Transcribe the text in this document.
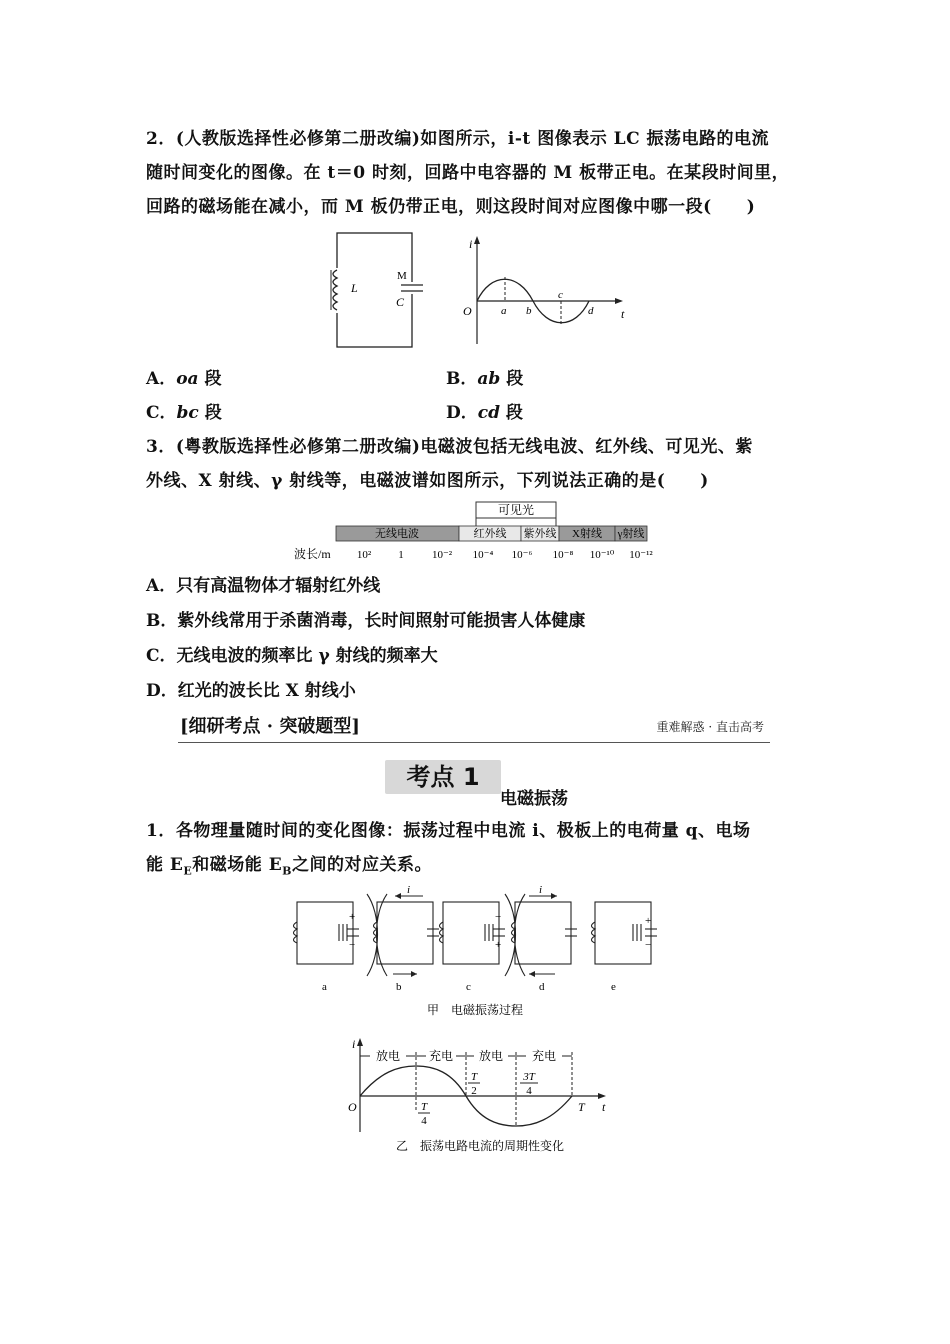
2．(人教版选择性必修第二册改编)如图所示，i-t 图像表示 LC 振荡电路的电流
随时间变化的图像。在 t＝0 时刻，回路中电容器的 M 板带正电。在某段时间里，
回路的磁场能在减小，而 M 板仍带正电，则这段时间对应图像中哪一段(　　)
L
M
C
i
t
O	a b
c
d
A．oa 段	B．ab 段
C．bc 段	D．cd 段
3．(粤教版选择性必修第二册改编)电磁波包括无线电波、红外线、可见光、紫
外线、X 射线、γ 射线等，电磁波谱如图所示，下列说法正确的是(　　)
可见光
无线电波	红外线 紫外线 X射线 γ射线
波长/m 10² 1	10⁻² 10⁻⁴ 10⁻⁶ 10⁻⁸ 10⁻¹⁰ 10⁻¹²
A．只有高温物体才辐射红外线
B．紫外线常用于杀菌消毒，长时间照射可能损害人体健康
C．无线电波的频率比 γ 射线的频率大
D．红光的波长比 X 射线小
[细研考点 · 突破题型]	重难解惑 · 直击高考
考点 1
电磁振荡
1．各物理量随时间的变化图像：振荡过程中电流 i、极板上的电荷量 q、电场
能 $E_E$和磁场能 $E_B$之间的对应关系。
+
−
−
+
+
−
i	i
a	b	c	d	e
甲　电磁振荡过程
放电 充电 放电 充电
i
t
O	T
4
T
2
3T
4
T
乙　振荡电路电流的周期性变化
